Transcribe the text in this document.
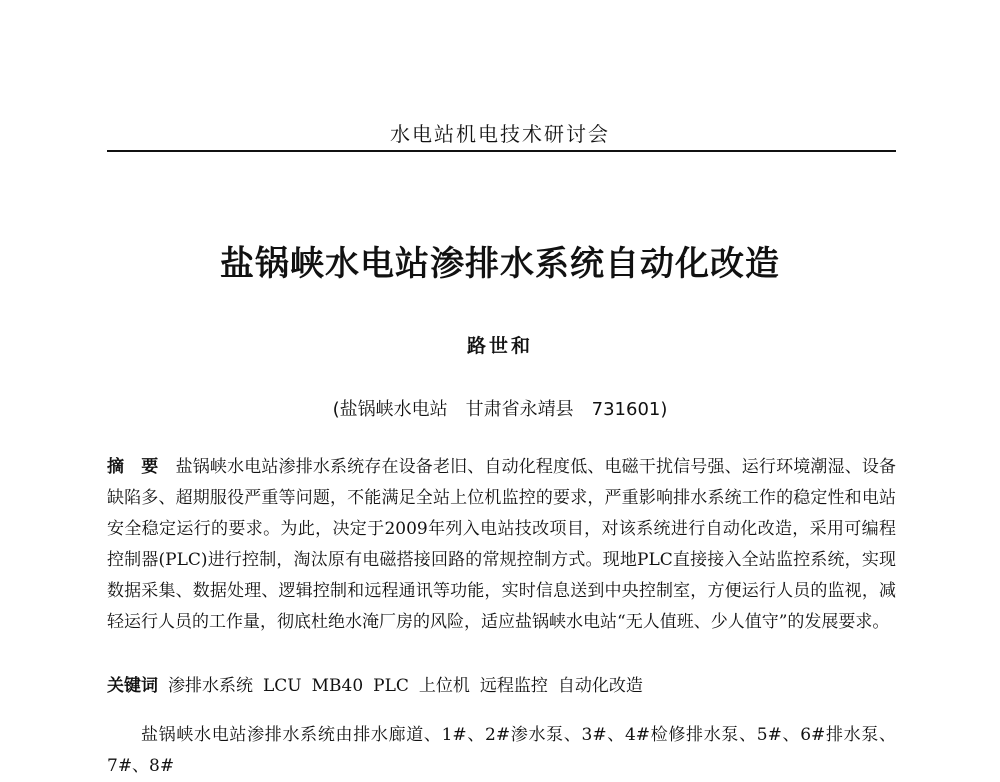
水电站机电技术研讨会
盐锅峡水电站渗排水系统自动化改造
路世和
(盐锅峡水电站　甘肃省永靖县　731601)
摘　要　 盐锅峡水电站渗排水系统存在设备老旧、自动化程度低、电磁干扰信号强、运行环境潮湿、设备缺陷多、超期服役严重等问题，不能满足全站上位机监控的要求，严重影响排水系统工作的稳定性和电站安全稳定运行的要求。为此，决定于2009年列入电站技改项目，对该系统进行自动化改造，采用可编程控制器(PLC)进行控制，淘汰原有电磁搭接回路的常规控制方式。现地PLC直接接入全站监控系统，实现数据采集、数据处理、逻辑控制和远程通讯等功能，实时信息送到中央控制室，方便运行人员的监视，减轻运行人员的工作量，彻底杜绝水淹厂房的风险，适应盐锅峡水电站“无人值班、少人值守”的发展要求。
关键词 渗排水系统 LCU MB40 PLC 上位机 远程监控 自动化改造
盐锅峡水电站渗排水系统由排水廊道、1#、2#渗水泵、3#、4#检修排水泵、5#、6#排水泵、7#、8#
